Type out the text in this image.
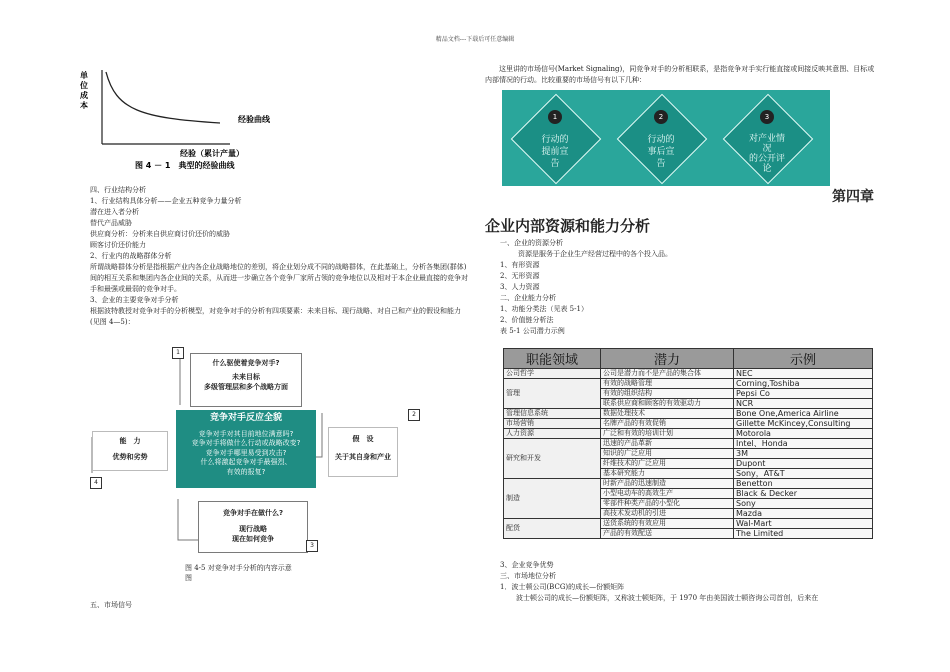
精品文档---下载后可任意编辑
单位成本
经验曲线
经验（累计产量）
图 4 － 1　典型的经验曲线
四、行业结构分析
1、行业结构具体分析——企业五种竞争力量分析
潜在进入者分析
替代产品威胁
供应商分析：分析来自供应商讨价还价的威胁
顾客讨价还价能力
2、行业内的战略群体分析
所谓战略群体分析是指根据产业内各企业战略地位的差别，将企业划分成不同的战略群体，在此基础上，分析各集团(群体)间的相互关系和集团内各企业间的关系，从而进一步确立各个竞争厂家所占领的竞争地位以及相对于本企业最直接的竞争对手和最强或最弱的竞争对手。
3、企业的主要竞争对手分析
根据波特教授对竞争对手的分析模型，对竞争对手的分析有四项要素：未来目标、现行战略、对自己和产业的假设和能力(见图 4—5)：
什么驱使着竞争对手?
未来目标
多级管理层和多个战略方面
1
竞争对手反应全貌
竞争对手对其目前地位满意吗?
竞争对手将做什么行动或战略改变?
竞争对手哪里易受到攻击?
什么将激起竞争对手最强烈、
有效的报复?
能　力
优势和劣势
4
假　设
关于其自身和产业
2
竞争对手在做什么?
现行战略
现在如何竞争
3
图 4-5 对竞争对手分析的内容示意
图
五、市场信号
这里讲的市场信号(Market Signaling)，同竞争对手的分析相联系，是指竞争对手实行能直接或间接反映其意图、目标或内部情况的行动。比较重要的市场信号有以下几种：
1	2	3
行动的
提前宣
告
行动的
事后宣
告
对产业情
况
的公开评
论
第四章
企业内部资源和能力分析
一、企业的资源分析
资源是服务于企业生产经营过程中的各个投入品。
1、有形资源
2、无形资源
3、人力资源
二、企业能力分析
1、功能分类法（见表 5-1）
2、价值链分析法
表 5-1 公司潜力示例
职能领域	潜力	示例
公司哲学	公司是潜力而不是产品的集合体	NEC
管理	有效的战略管理	Corning,Toshiba
	有效的组织结构	Pepsi Co
	联系供应商和顾客的有效驱动力	NCR
管理信息系统	数据处理技术	Bone One,America Airline
市场营销	名牌产品的有效促销	Gillette McKincey,Consulting
人力资源	广泛和有效的培训计划	Motorola
研究和开发	迅速的产品革新	Intel、Honda
	知识的广泛应用	3M
	纤维技术的广泛应用	Dupont
	基本研究能力	Sony，AT&T
制造	时新产品的迅速制造	Benetton
	小型电动车的高效生产	Black & Decker
	零部件种类产品的小型化	Sony
	高技术发动机的引进	Mazda
配货	送货系统的有效应用	Wal-Mart
	产品的有效配送	The Limited
3、企业竞争优势
三、市场地位分析
1．波士顿公司(BCG)的成长—份额矩阵
波士顿公司的成长—份额矩阵，又称波士顿矩阵，于 1970 年由美国波士顿咨询公司首创，后来在
